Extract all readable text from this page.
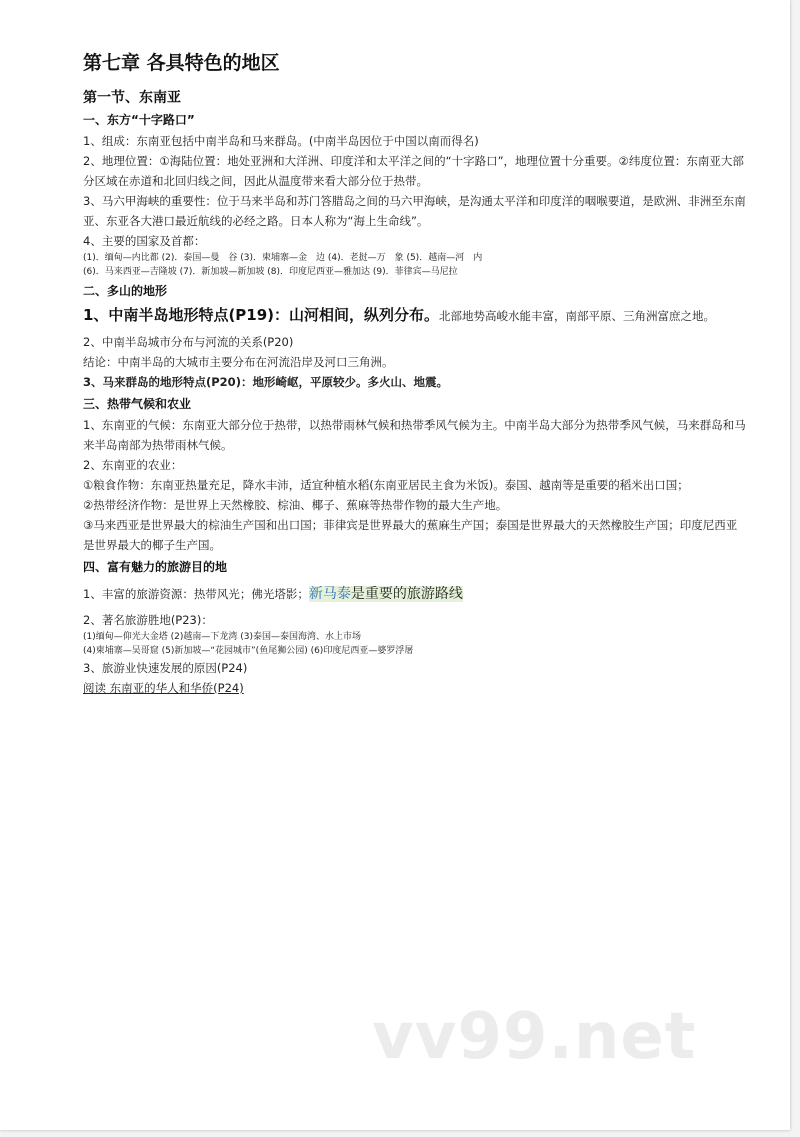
第七章 各具特色的地区
第一节、东南亚
一、东方“十字路口”

1、组成：东南亚包括中南半岛和马来群岛。(中南半岛因位于中国以南而得名)

2、地理位置：①海陆位置：地处亚洲和大洋洲、印度洋和太平洋之间的“十字路口”，地理位置十分重要。②纬度位置：东南亚大部分区域在赤道和北回归线之间，因此从温度带来看大部分位于热带。

3、马六甲海峡的重要性：位于马来半岛和苏门答腊岛之间的马六甲海峡，是沟通太平洋和印度洋的咽喉要道，是欧洲、非洲至东南亚、东亚各大港口最近航线的必经之路。日本人称为“海上生命线”。

4、主要的国家及首都：

(1)．缅甸—内比都 (2)．泰国—曼　谷 (3)．柬埔寨—金　边 (4)．老挝—万　象 (5)．越南—河　内

(6)．马来西亚—吉隆坡 (7)．新加坡—新加坡 (8)．印度尼西亚—雅加达 (9)．菲律宾—马尼拉

二、多山的地形

1、中南半岛地形特点(P19)：山河相间，纵列分布。北部地势高峻水能丰富，南部平原、三角洲富庶之地。

2、中南半岛城市分布与河流的关系(P20)

结论：中南半岛的大城市主要分布在河流沿岸及河口三角洲。

3、马来群岛的地形特点(P20)：地形崎岖，平原较少。多火山、地震。

三、热带气候和农业

1、东南亚的气候：东南亚大部分位于热带，以热带雨林气候和热带季风气候为主。中南半岛大部分为热带季风气候，马来群岛和马来半岛南部为热带雨林气候。

2、东南亚的农业：

①粮食作物：东南亚热量充足，降水丰沛，适宜种植水稻(东南亚居民主食为米饭)。泰国、越南等是重要的稻米出口国；

②热带经济作物：是世界上天然橡胶、棕油、椰子、蕉麻等热带作物的最大生产地。

③马来西亚是世界最大的棕油生产国和出口国；菲律宾是世界最大的蕉麻生产国；泰国是世界最大的天然橡胶生产国；印度尼西亚是世界最大的椰子生产国。

四、富有魅力的旅游目的地

1、丰富的旅游资源：热带风光；佛光塔影；新马泰是重要的旅游路线

2、著名旅游胜地(P23)：

(1)缅甸—仰光大金塔 (2)越南—下龙湾 (3)泰国—泰国海湾、水上市场

(4)柬埔寨—吴哥窟 (5)新加坡—“花园城市”(鱼尾狮公园) (6)印度尼西亚—婆罗浮屠

3、旅游业快速发展的原因(P24)

阅读 东南亚的华人和华侨(P24)

vv99.net
